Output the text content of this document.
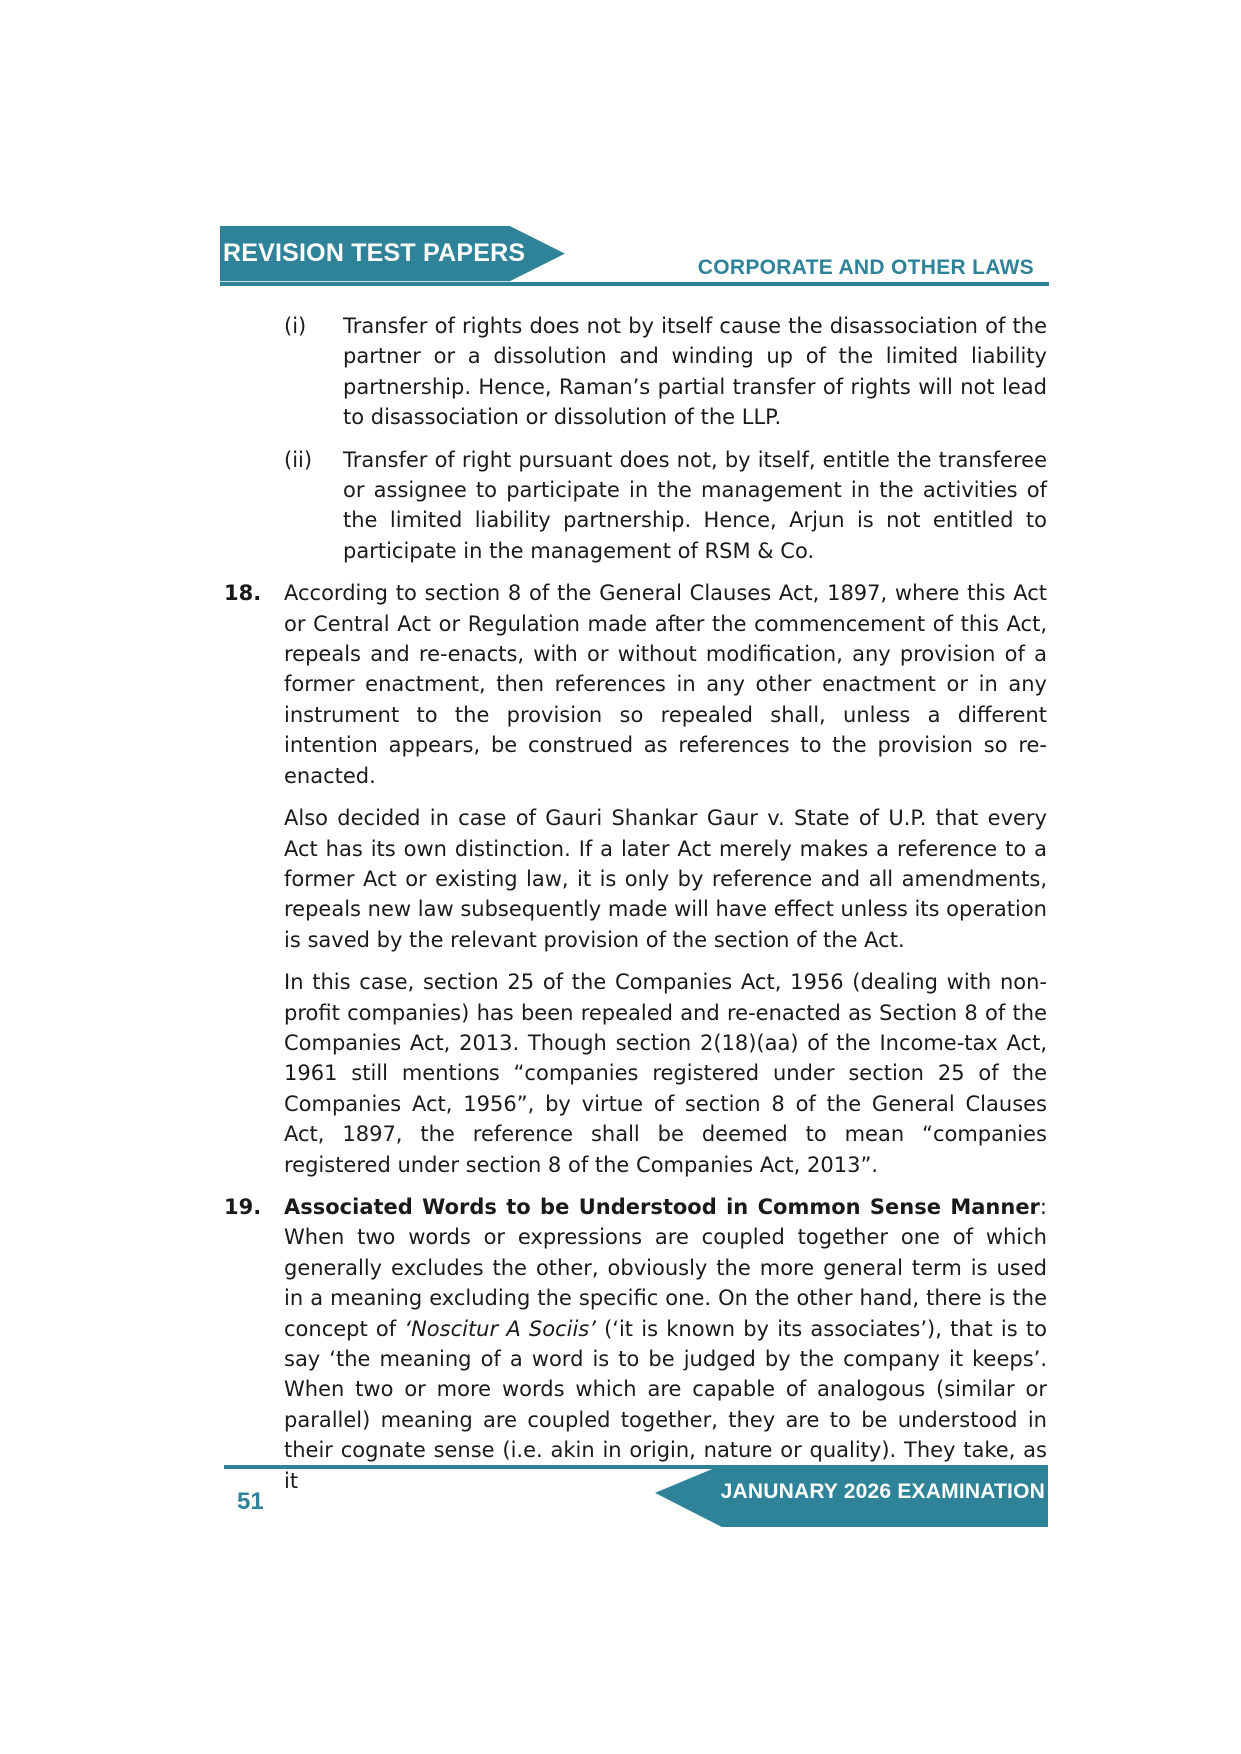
REVISION TEST PAPERS
CORPORATE AND OTHER LAWS
(i)	Transfer of rights does not by itself cause the disassociation of the partner or a dissolution and winding up of the limited liability partnership. Hence, Raman’s partial transfer of rights will not lead to disassociation or dissolution of the LLP.

(ii)	Transfer of right pursuant does not, by itself, entitle the transferee or assignee to participate in the management in the activities of the limited liability partnership. Hence, Arjun is not entitled to participate in the management of RSM & Co.

18.	According to section 8 of the General Clauses Act, 1897, where this Act or Central Act or Regulation made after the commencement of this Act, repeals and re-enacts, with or without modification, any provision of a former enactment, then references in any other enactment or in any instrument to the provision so repealed shall, unless a different intention appears, be construed as references to the provision so re-enacted.

Also decided in case of Gauri Shankar Gaur v. State of U.P. that every Act has its own distinction. If a later Act merely makes a reference to a former Act or existing law, it is only by reference and all amendments, repeals new law subsequently made will have effect unless its operation is saved by the relevant provision of the section of the Act.

In this case, section 25 of the Companies Act, 1956 (dealing with non-profit companies) has been repealed and re-enacted as Section 8 of the Companies Act, 2013. Though section 2(18)(aa) of the Income-tax Act, 1961 still mentions “companies registered under section 25 of the Companies Act, 1956”, by virtue of section 8 of the General Clauses Act, 1897, the reference shall be deemed to mean “companies registered under section 8 of the Companies Act, 2013”.

19.	Associated Words to be Understood in Common Sense Manner: When two words or expressions are coupled together one of which generally excludes the other, obviously the more general term is used in a meaning excluding the specific one. On the other hand, there is the concept of ‘Noscitur A Sociis’ (‘it is known by its associates’), that is to say ‘the meaning of a word is to be judged by the company it keeps’. When two or more words which are capable of analogous (similar or parallel) meaning are coupled together, they are to be understood in their cognate sense (i.e. akin in origin, nature or quality). They take, as it

51	JANUNARY 2026 EXAMINATION
